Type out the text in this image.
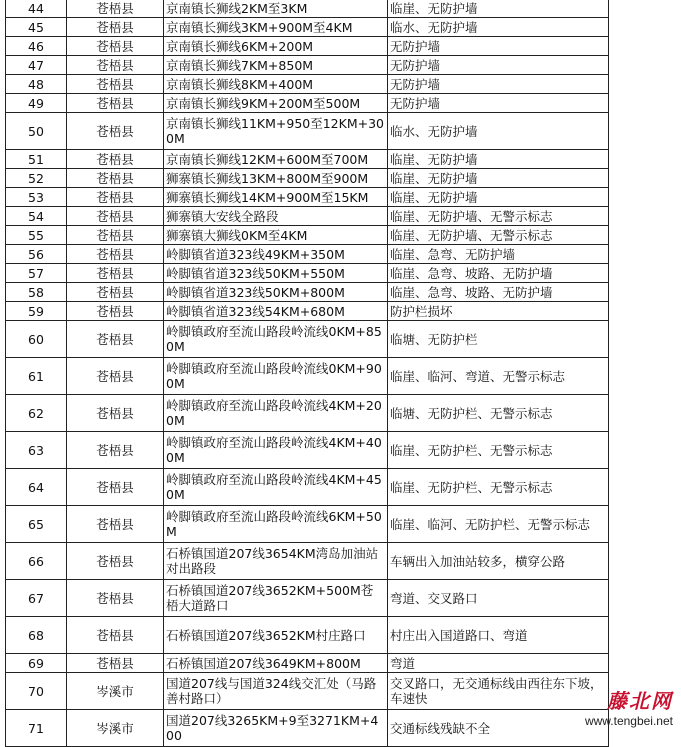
44	苍梧县	京南镇长狮线2KM至3KM	临崖、无防护墙
45	苍梧县	京南镇长狮线3KM+900M至4KM	临水、无防护墙
46	苍梧县	京南镇长狮线6KM+200M	无防护墙
47	苍梧县	京南镇长狮线7KM+850M	无防护墙
48	苍梧县	京南镇长狮线8KM+400M	无防护墙
49	苍梧县	京南镇长狮线9KM+200M至500M	无防护墙
50	苍梧县	京南镇长狮线11KM+950至12KM+300M	临水、无防护墙
51	苍梧县	京南镇长狮线12KM+600M至700M	临崖、无防护墙
52	苍梧县	狮寨镇长狮线13KM+800M至900M	临崖、无防护墙
53	苍梧县	狮寨镇长狮线14KM+900M至15KM	临崖、无防护墙
54	苍梧县	狮寨镇大安线全路段	临崖、无防护墙、无警示标志
55	苍梧县	狮寨镇大狮线0KM至4KM	临崖、无防护墙、无警示标志
56	苍梧县	岭脚镇省道323线49KM+350M	临崖、急弯、无防护墙
57	苍梧县	岭脚镇省道323线50KM+550M	临崖、急弯、坡路、无防护墙
58	苍梧县	岭脚镇省道323线50KM+800M	临崖、急弯、坡路、无防护墙
59	苍梧县	岭脚镇省道323线54KM+680M	防护栏损坏
60	苍梧县	岭脚镇政府至流山路段岭流线0KM+850M	临塘、无防护栏
61	苍梧县	岭脚镇政府至流山路段岭流线0KM+900M	临崖、临河、弯道、无警示标志
62	苍梧县	岭脚镇政府至流山路段岭流线4KM+200M	临塘、无防护栏、无警示标志
63	苍梧县	岭脚镇政府至流山路段岭流线4KM+400M	临崖、无防护栏、无警示标志
64	苍梧县	岭脚镇政府至流山路段岭流线4KM+450M	临崖、无防护栏、无警示标志
65	苍梧县	岭脚镇政府至流山路段岭流线6KM+50M	临崖、临河、无防护栏、无警示标志
66	苍梧县	石桥镇国道207线3654KM湾岛加油站对出路段	车辆出入加油站较多，横穿公路
67	苍梧县	石桥镇国道207线3652KM+500M苍梧大道路口	弯道、交叉路口
68	苍梧县	石桥镇国道207线3652KM村庄路口	村庄出入国道路口、弯道
69	苍梧县	石桥镇国道207线3649KM+800M	弯道
70	岑溪市	国道207线与国道324线交汇处（马路善村路口）	交叉路口，无交通标线由西往东下坡，车速快
71	岑溪市	国道207线3265KM+9至3271KM+400	交通标线残缺不全
藤北网
www.tengbei.net
